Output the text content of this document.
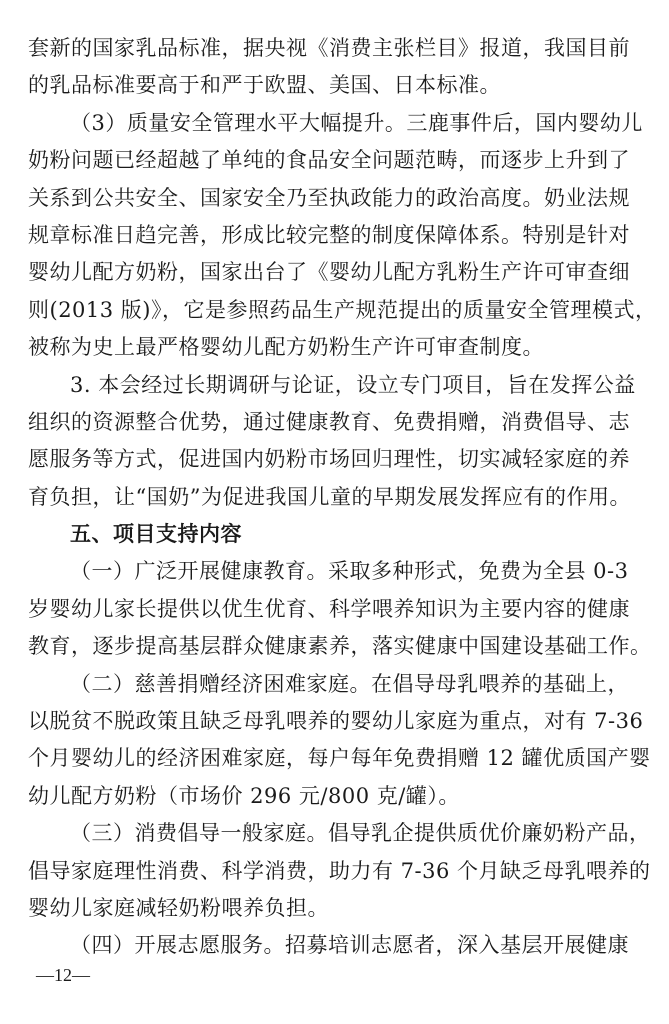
套新的国家乳品标准，据央视《消费主张栏目》报道，我国目前
的乳品标准要高于和严于欧盟、美国、日本标准。
（3）质量安全管理水平大幅提升。三鹿事件后，国内婴幼儿
奶粉问题已经超越了单纯的食品安全问题范畴，而逐步上升到了
关系到公共安全、国家安全乃至执政能力的政治高度。奶业法规
规章标准日趋完善，形成比较完整的制度保障体系。特别是针对
婴幼儿配方奶粉，国家出台了《婴幼儿配方乳粉生产许可审查细
则(2013 版)》，它是参照药品生产规范提出的质量安全管理模式，
被称为史上最严格婴幼儿配方奶粉生产许可审查制度。
3. 本会经过长期调研与论证，设立专门项目，旨在发挥公益
组织的资源整合优势，通过健康教育、免费捐赠，消费倡导、志
愿服务等方式，促进国内奶粉市场回归理性，切实减轻家庭的养
育负担，让“国奶”为促进我国儿童的早期发展发挥应有的作用。
五、项目支持内容
（一）广泛开展健康教育。采取多种形式，免费为全县 0-3
岁婴幼儿家长提供以优生优育、科学喂养知识为主要内容的健康
教育，逐步提高基层群众健康素养，落实健康中国建设基础工作。
（二）慈善捐赠经济困难家庭。在倡导母乳喂养的基础上，
以脱贫不脱政策且缺乏母乳喂养的婴幼儿家庭为重点，对有 7-36
个月婴幼儿的经济困难家庭，每户每年免费捐赠 12 罐优质国产婴
幼儿配方奶粉（市场价 296 元/800 克/罐）。
（三）消费倡导一般家庭。倡导乳企提供质优价廉奶粉产品，
倡导家庭理性消费、科学消费，助力有 7-36 个月缺乏母乳喂养的
婴幼儿家庭减轻奶粉喂养负担。
（四）开展志愿服务。招募培训志愿者，深入基层开展健康
—12—
